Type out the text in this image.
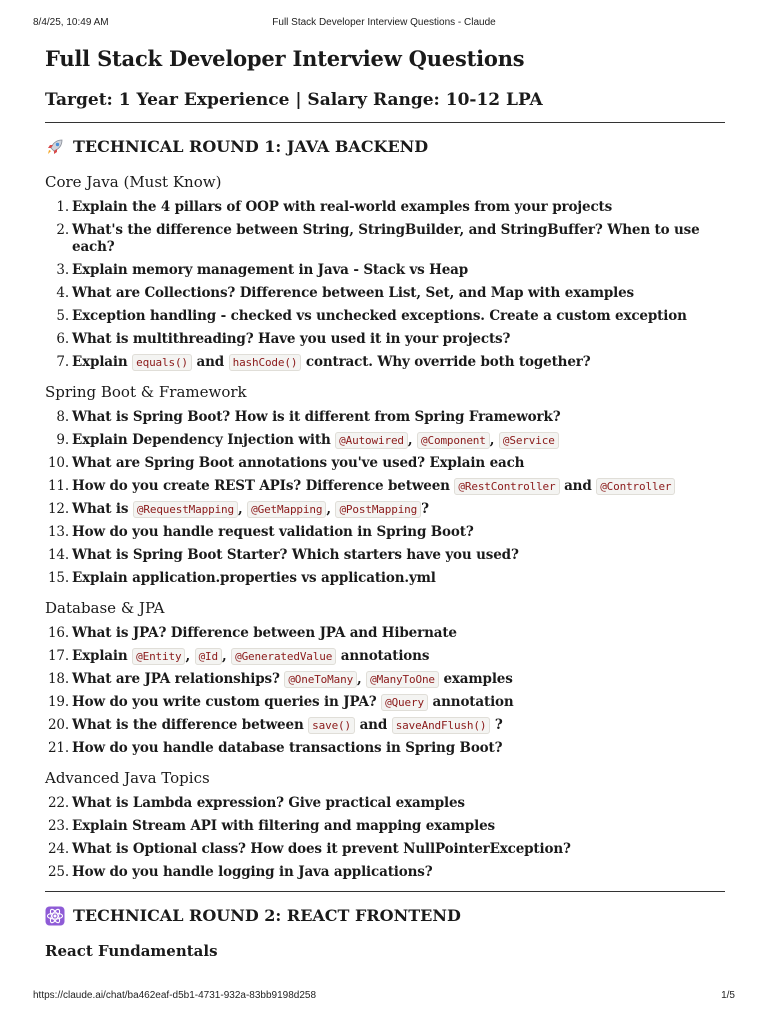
8/4/25, 10:49 AM	Full Stack Developer Interview Questions - Claude
Full Stack Developer Interview Questions
Target: 1 Year Experience | Salary Range: 10-12 LPA
TECHNICAL ROUND 1: JAVA BACKEND
Core Java (Must Know)
1. Explain the 4 pillars of OOP with real-world examples from your projects
2. What's the difference between String, StringBuilder, and StringBuffer? When to use each?
3. Explain memory management in Java - Stack vs Heap
4. What are Collections? Difference between List, Set, and Map with examples
5. Exception handling - checked vs unchecked exceptions. Create a custom exception
6. What is multithreading? Have you used it in your projects?
7. Explain equals() and hashCode() contract. Why override both together?
Spring Boot & Framework
8. What is Spring Boot? How is it different from Spring Framework?
9. Explain Dependency Injection with @Autowired , @Component , @Service
10. What are Spring Boot annotations you've used? Explain each
11. How do you create REST APIs? Difference between @RestController and @Controller
12. What is @RequestMapping , @GetMapping , @PostMapping ?
13. How do you handle request validation in Spring Boot?
14. What is Spring Boot Starter? Which starters have you used?
15. Explain application.properties vs application.yml
Database & JPA
16. What is JPA? Difference between JPA and Hibernate
17. Explain @Entity , @Id , @GeneratedValue annotations
18. What are JPA relationships? @OneToMany , @ManyToOne examples
19. How do you write custom queries in JPA? @Query annotation
20. What is the difference between save() and saveAndFlush() ?
21. How do you handle database transactions in Spring Boot?
Advanced Java Topics
22. What is Lambda expression? Give practical examples
23. Explain Stream API with filtering and mapping examples
24. What is Optional class? How does it prevent NullPointerException?
25. How do you handle logging in Java applications?
TECHNICAL ROUND 2: REACT FRONTEND
React Fundamentals
https://claude.ai/chat/ba462eaf-d5b1-4731-932a-83bb9198d258	1/5
